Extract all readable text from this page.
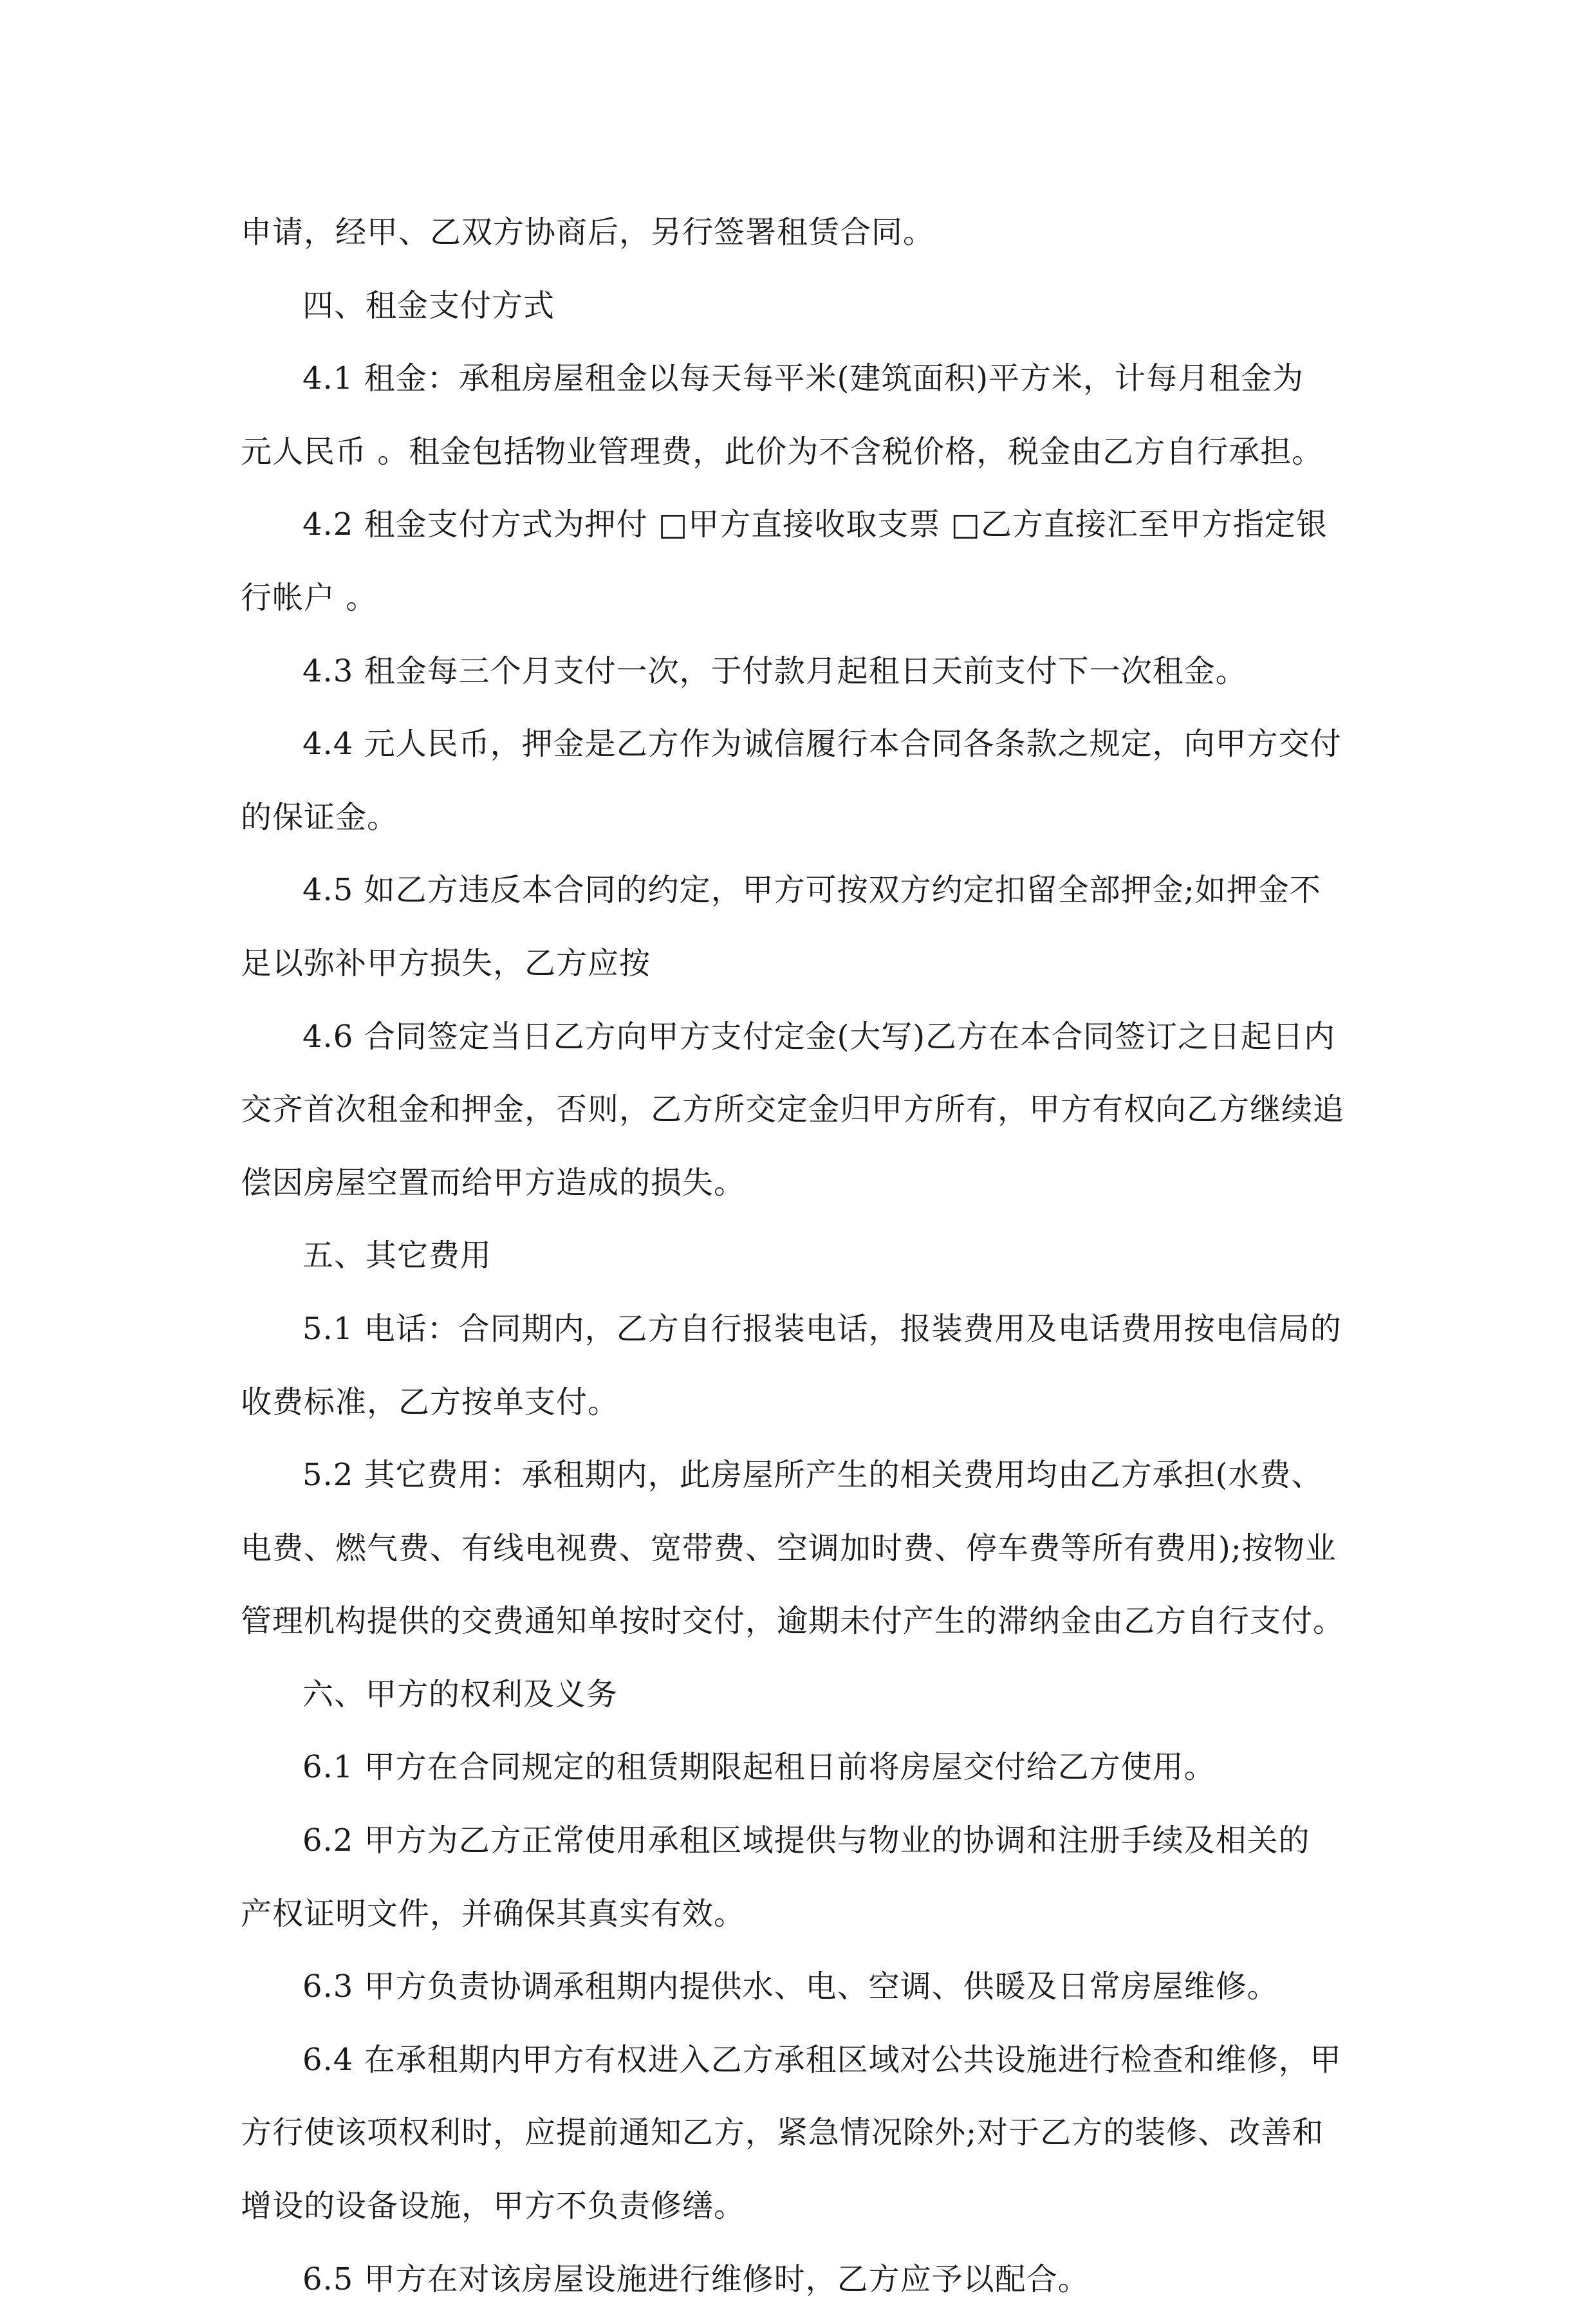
申请，经甲、乙双方协商后，另行签署租赁合同。
四、租金支付方式
4.1 租金：承租房屋租金以每天每平米(建筑面积)平方米，计每月租金为
元人民币 。租金包括物业管理费，此价为不含税价格，税金由乙方自行承担。
4.2 租金支付方式为押付 □甲方直接收取支票 □乙方直接汇至甲方指定银
行帐户 。
4.3 租金每三个月支付一次，于付款月起租日天前支付下一次租金。
4.4 元人民币，押金是乙方作为诚信履行本合同各条款之规定，向甲方交付
的保证金。
4.5 如乙方违反本合同的约定，甲方可按双方约定扣留全部押金;如押金不
足以弥补甲方损失，乙方应按
4.6 合同签定当日乙方向甲方支付定金(大写)乙方在本合同签订之日起日内
交齐首次租金和押金，否则，乙方所交定金归甲方所有，甲方有权向乙方继续追
偿因房屋空置而给甲方造成的损失。
五、其它费用
5.1 电话：合同期内，乙方自行报装电话，报装费用及电话费用按电信局的
收费标准，乙方按单支付。
5.2 其它费用：承租期内，此房屋所产生的相关费用均由乙方承担(水费、
电费、燃气费、有线电视费、宽带费、空调加时费、停车费等所有费用);按物业
管理机构提供的交费通知单按时交付，逾期未付产生的滞纳金由乙方自行支付。
六、甲方的权利及义务
6.1 甲方在合同规定的租赁期限起租日前将房屋交付给乙方使用。
6.2 甲方为乙方正常使用承租区域提供与物业的协调和注册手续及相关的
产权证明文件，并确保其真实有效。
6.3 甲方负责协调承租期内提供水、电、空调、供暖及日常房屋维修。
6.4 在承租期内甲方有权进入乙方承租区域对公共设施进行检查和维修，甲
方行使该项权利时，应提前通知乙方，紧急情况除外;对于乙方的装修、改善和
增设的设备设施，甲方不负责修缮。
6.5 甲方在对该房屋设施进行维修时，乙方应予以配合。
